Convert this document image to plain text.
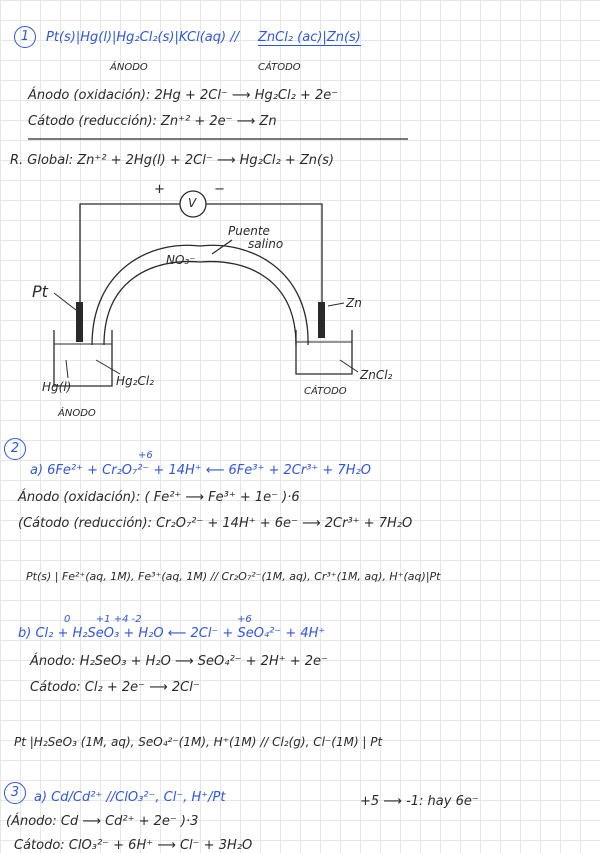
1	Pt(s)|Hg(l)|Hg₂Cl₂(s)|KCl(aq) // ZnCl₂ (ac)|Zn(s)
ÁNODO	CÁTODO
Ánodo (oxidación): 2Hg + 2Cl⁻ ⟶ Hg₂Cl₂ + 2e⁻
Cátodo (reducción): Zn⁺² + 2e⁻ ⟶ Zn
R. Global: Zn⁺² + 2Hg(l) + 2Cl⁻ ⟶ Hg₂Cl₂ + Zn(s)
+	−
V
Puente
salino
NO₃⁻
Pt
Zn
Hg(l)	Hg₂Cl₂	ZnCl₂
ÁNODO
CÁTODO
2	+6
a) 6Fe²⁺ + Cr₂O₇²⁻ + 14H⁺ ⟵ 6Fe³⁺ + 2Cr³⁺ + 7H₂O
Ánodo (oxidación): ( Fe²⁺ ⟶ Fe³⁺ + 1e⁻ )·6
(Cátodo (reducción): Cr₂O₇²⁻ + 14H⁺ + 6e⁻ ⟶ 2Cr³⁺ + 7H₂O
Pt(s) | Fe²⁺(aq, 1M), Fe³⁺(aq, 1M) // Cr₂O₇²⁻(1M, aq), Cr³⁺(1M, aq), H⁺(aq)|Pt
0        +1 +4 -2                              +6
b) Cl₂ + H₂SeO₃ + H₂O ⟵ 2Cl⁻ + SeO₄²⁻ + 4H⁺
Ánodo: H₂SeO₃ + H₂O ⟶ SeO₄²⁻ + 2H⁺ + 2e⁻
Cátodo: Cl₂ + 2e⁻ ⟶ 2Cl⁻
Pt |H₂SeO₃ (1M, aq), SeO₄²⁻(1M), H⁺(1M) // Cl₂(g), Cl⁻(1M) | Pt
3	a) Cd/Cd²⁺ //ClO₃²⁻, Cl⁻, H⁺/Pt	+5 ⟶ -1: hay 6e⁻
(Ánodo: Cd ⟶ Cd²⁺ + 2e⁻ )·3
Cátodo: ClO₃²⁻ + 6H⁺ ⟶ Cl⁻ + 3H₂O
